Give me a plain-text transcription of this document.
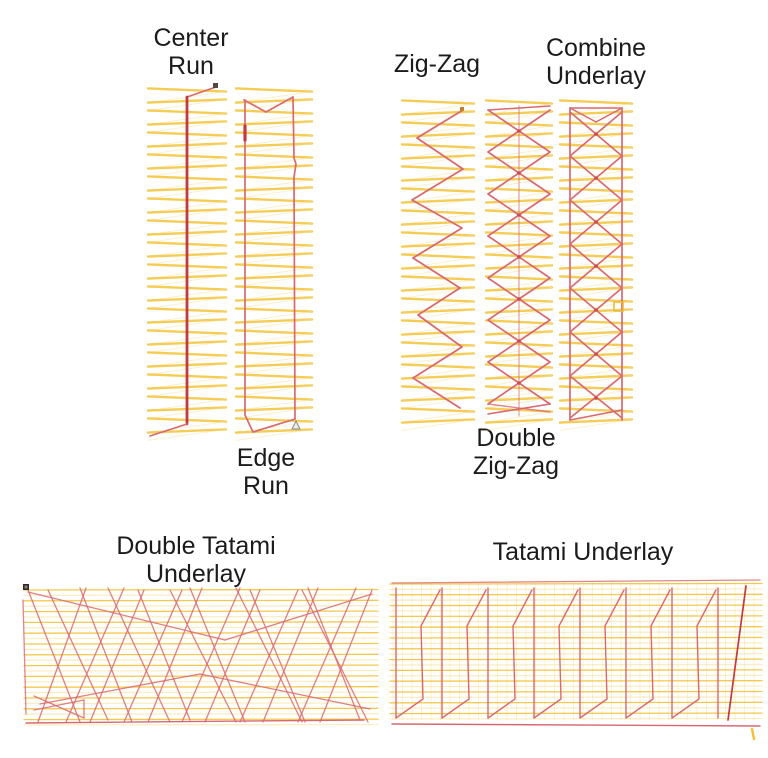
Center
Run	Zig-Zag
Combine
Underlay
Edge
Run
Double
Zig-Zag
Double Tatami
Underlay
Tatami Underlay
